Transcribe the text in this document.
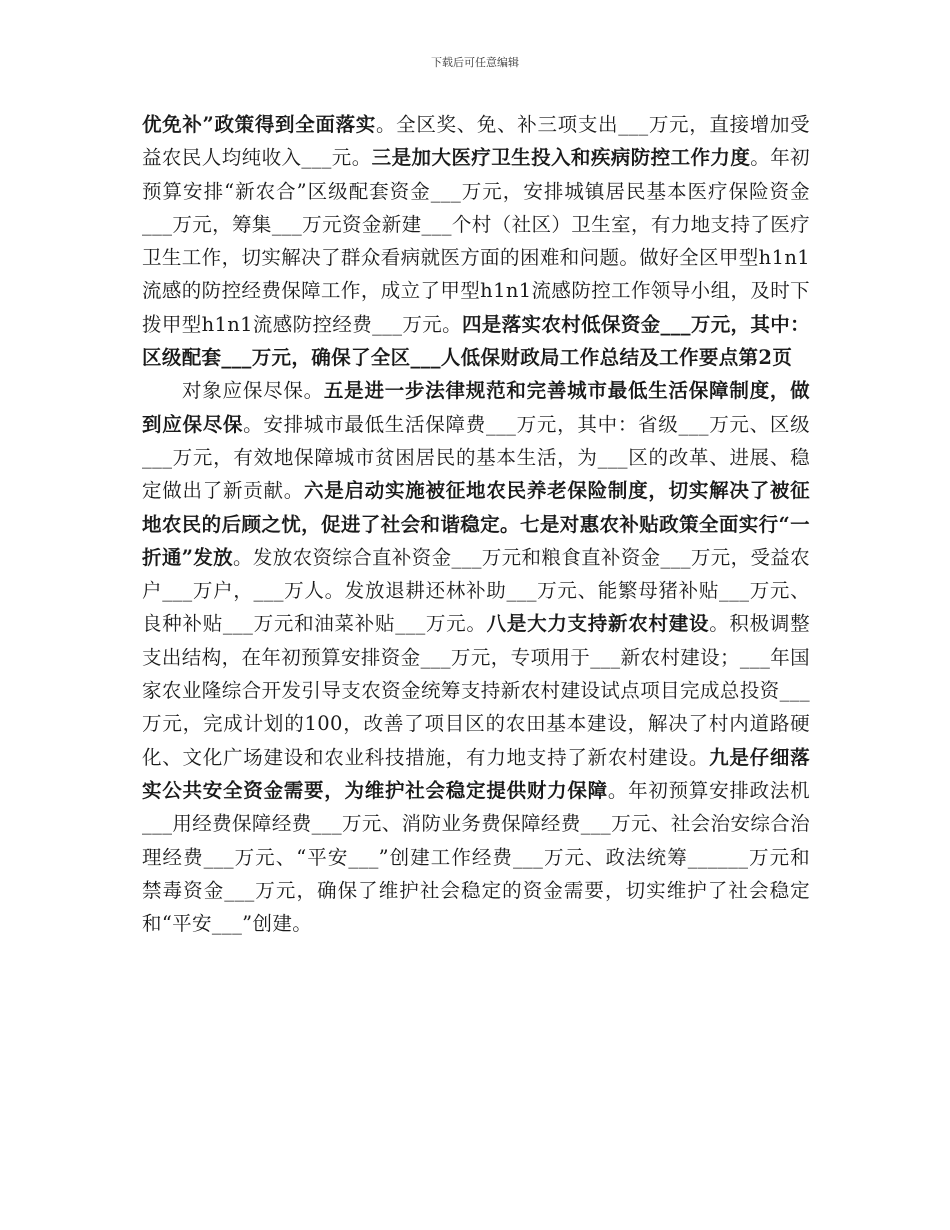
下载后可任意编辑

优免补”政策得到全面落实。全区奖、免、补三项支出___万元，直接增加受益农民人均纯收入___元。三是加大医疗卫生投入和疾病防控工作力度。年初预算安排“新农合”区级配套资金___万元，安排城镇居民基本医疗保险资金___万元，筹集___万元资金新建___个村（社区）卫生室，有力地支持了医疗卫生工作，切实解决了群众看病就医方面的困难和问题。做好全区甲型h1n1流感的防控经费保障工作，成立了甲型h1n1流感防控工作领导小组，及时下拨甲型h1n1流感防控经费___万元。四是落实农村低保资金___万元，其中：区级配套___万元，确保了全区___人低保财政局工作总结及工作要点第2页

对象应保尽保。五是进一步法律规范和完善城市最低生活保障制度，做到应保尽保。安排城市最低生活保障费___万元，其中：省级___万元、区级___万元，有效地保障城市贫困居民的基本生活，为___区的改革、进展、稳定做出了新贡献。六是启动实施被征地农民养老保险制度，切实解决了被征地农民的后顾之忧，促进了社会和谐稳定。七是对惠农补贴政策全面实行“一折通”发放。发放农资综合直补资金___万元和粮食直补资金___万元，受益农户___万户，___万人。发放退耕还林补助___万元、能繁母猪补贴___万元、良种补贴___万元和油菜补贴___万元。八是大力支持新农村建设。积极调整支出结构，在年初预算安排资金___万元，专项用于___新农村建设；___年国家农业隆综合开发引导支农资金统筹支持新农村建设试点项目完成总投资___万元，完成计划的100，改善了项目区的农田基本建设，解决了村内道路硬化、文化广场建设和农业科技措施，有力地支持了新农村建设。九是仔细落实公共安全资金需要，为维护社会稳定提供财力保障。年初预算安排政法机___用经费保障经费___万元、消防业务费保障经费___万元、社会治安综合治理经费___万元、“平安___”创建工作经费___万元、政法统筹______万元和禁毒资金___万元，确保了维护社会稳定的资金需要，切实维护了社会稳定和“平安___”创建。
